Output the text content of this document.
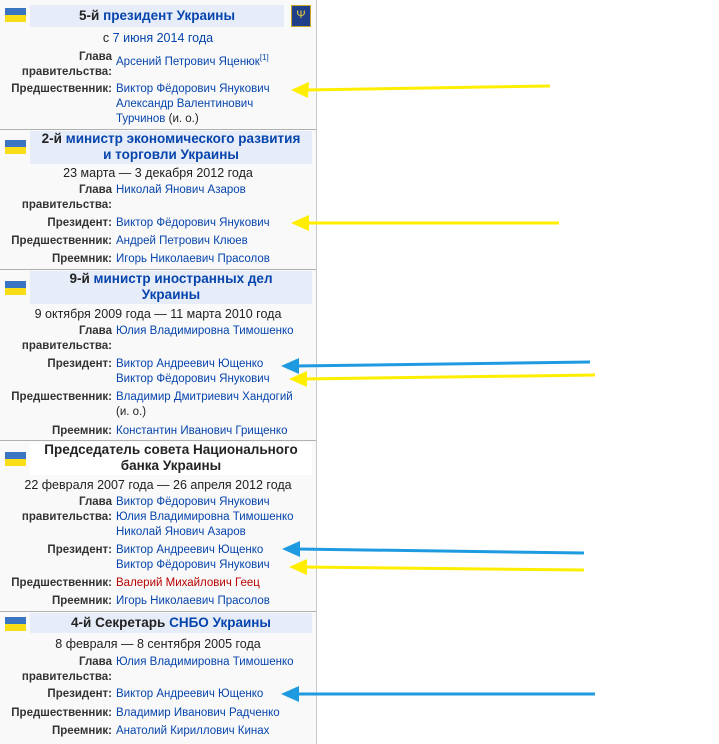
5-й президент Украины	Ψ
с 7 июня 2014 года
Глава
правительства:
Арсений Петрович Яценюк[1]
Предшественник: Виктор Фёдорович Янукович
Александр Валентинович
Турчинов (и. о.)
2-й министр экономического развития
и торговли Украины
23 марта — 3 декабря 2012 года
Глава
правительства:
Николай Янович Азаров
Президент: Виктор Фёдорович Янукович
Предшественник: Андрей Петрович Клюев
Преемник: Игорь Николаевич Прасолов
9-й министр иностранных дел
Украины
9 октября 2009 года — 11 марта 2010 года
Глава
правительства:
Юлия Владимировна Тимошенко
Президент: Виктор Андреевич Ющенко
Виктор Фёдорович Янукович
Предшественник: Владимир Дмитриевич Хандогий
(и. о.)
Преемник: Константин Иванович Грищенко
Председатель совета Национального
банка Украины
22 февраля 2007 года — 26 апреля 2012 года
Глава
правительства:
Виктор Фёдорович Янукович
Юлия Владимировна Тимошенко
Николай Янович Азаров
Президент: Виктор Андреевич Ющенко
Виктор Фёдорович Янукович
Предшественник: Валерий Михайлович Геец
Преемник: Игорь Николаевич Прасолов
4-й Секретарь СНБО Украины
8 февраля — 8 сентября 2005 года
Глава
правительства:
Юлия Владимировна Тимошенко
Президент: Виктор Андреевич Ющенко
Предшественник: Владимир Иванович Радченко
Преемник: Анатолий Кириллович Кинах
